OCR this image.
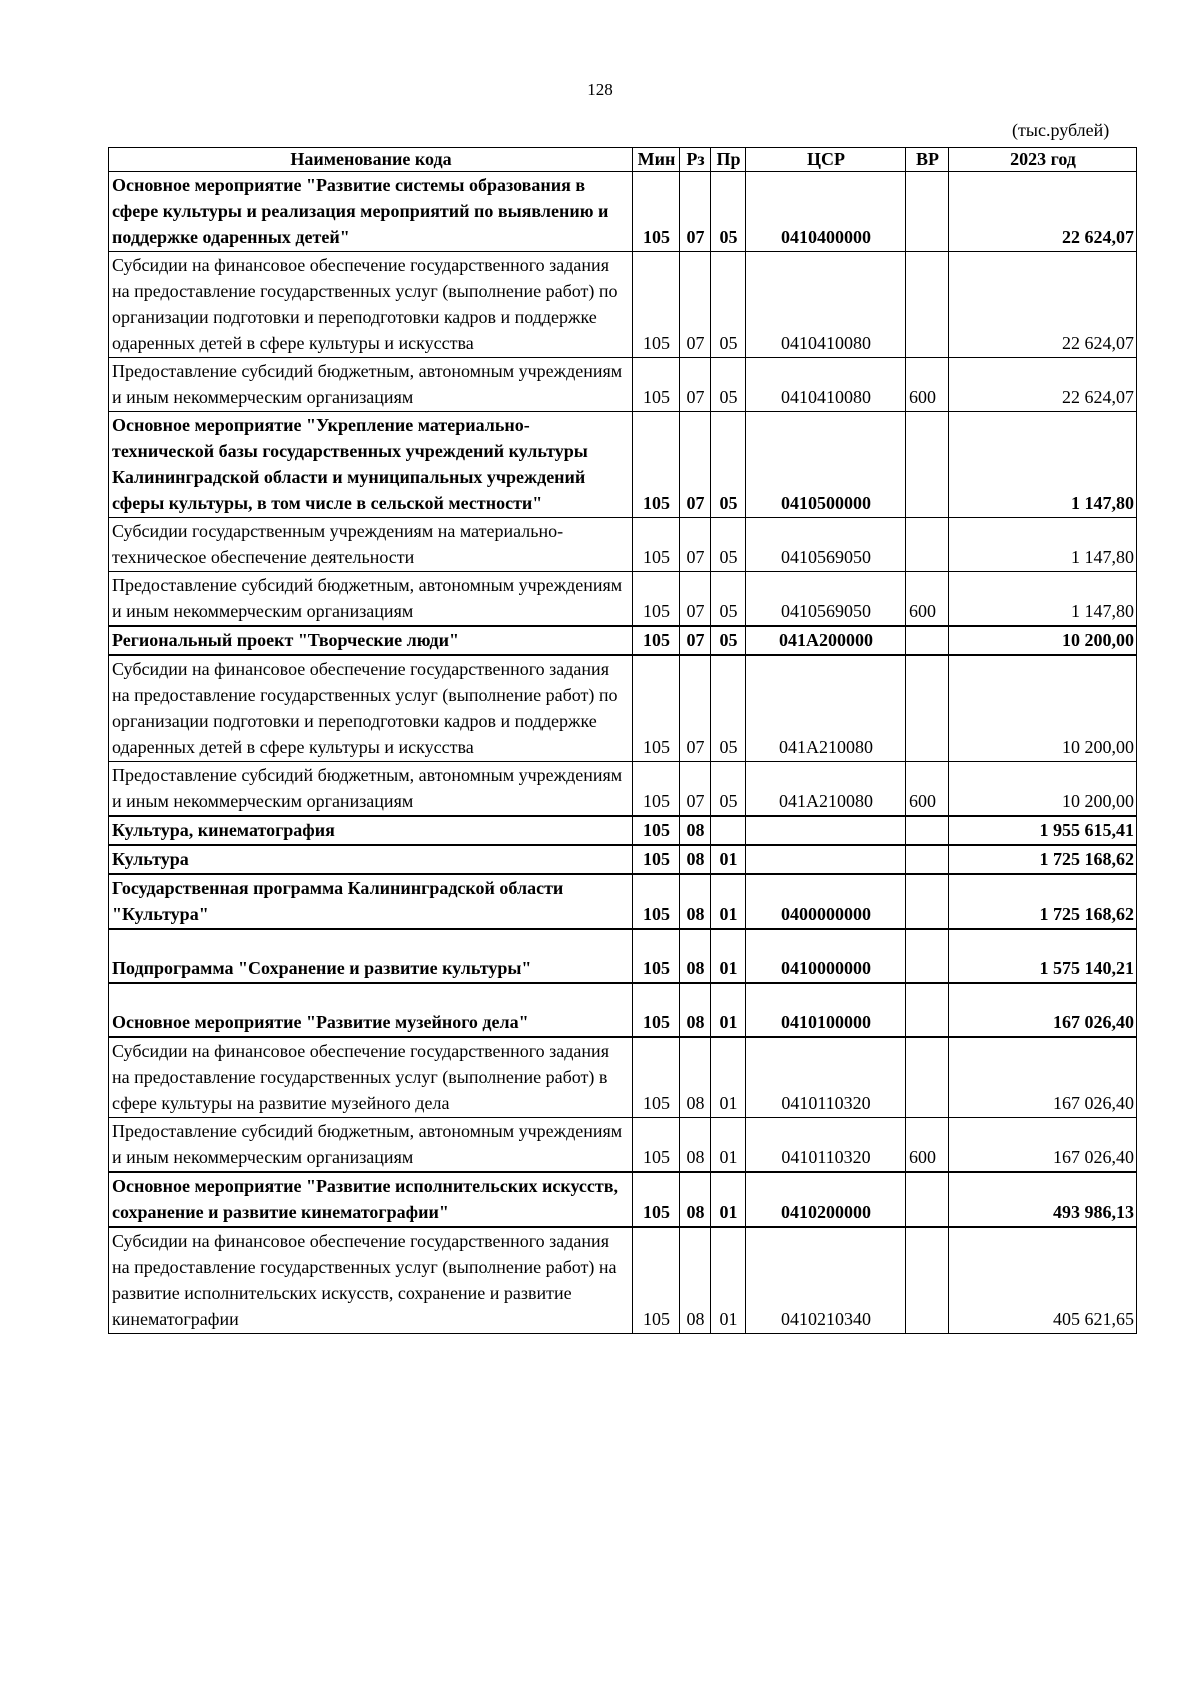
128
(тыс.рублей)
Наименование кода	Мин	Рз	Пр	ЦСР	ВР	2023 год
Основное мероприятие "Развитие системы образования в сфере культуры и реализация мероприятий по выявлению и поддержке одаренных детей"	105	07	05	0410400000		22 624,07
Субсидии на финансовое обеспечение государственного задания на предоставление государственных услуг (выполнение работ) по организации подготовки и переподготовки кадров и поддержке одаренных детей в сфере культуры и искусства	105	07	05	0410410080		22 624,07
Предоставление субсидий бюджетным, автономным учреждениям и иным некоммерческим организациям	105	07	05	0410410080	600	22 624,07
Основное мероприятие "Укрепление материально-технической базы государственных учреждений культуры Калининградской области и муниципальных учреждений сферы культуры, в том числе в сельской местности"	105	07	05	0410500000		1 147,80
Субсидии государственным учреждениям на материально-техническое обеспечение деятельности	105	07	05	0410569050		1 147,80
Предоставление субсидий бюджетным, автономным учреждениям и иным некоммерческим организациям	105	07	05	0410569050	600	1 147,80
Региональный проект "Творческие люди"	105	07	05	041A200000		10 200,00
Субсидии на финансовое обеспечение государственного задания на предоставление государственных услуг (выполнение работ) по организации подготовки и переподготовки кадров и поддержке одаренных детей в сфере культуры и искусства	105	07	05	041A210080		10 200,00
Предоставление субсидий бюджетным, автономным учреждениям и иным некоммерческим организациям	105	07	05	041A210080	600	10 200,00
Культура, кинематография	105	08				1 955 615,41
Культура	105	08	01			1 725 168,62
Государственная программа Калининградской области "Культура"	105	08	01	0400000000		1 725 168,62
Подпрограмма "Сохранение и развитие культуры"	105	08	01	0410000000		1 575 140,21
Основное мероприятие "Развитие музейного дела"	105	08	01	0410100000		167 026,40
Субсидии на финансовое обеспечение государственного задания на предоставление государственных услуг (выполнение работ) в сфере культуры на развитие музейного дела	105	08	01	0410110320		167 026,40
Предоставление субсидий бюджетным, автономным учреждениям и иным некоммерческим организациям	105	08	01	0410110320	600	167 026,40
Основное мероприятие "Развитие исполнительских искусств, сохранение и развитие кинематографии"	105	08	01	0410200000		493 986,13
Субсидии на финансовое обеспечение государственного задания на предоставление государственных услуг (выполнение работ) на развитие исполнительских искусств, сохранение и развитие кинематографии	105	08	01	0410210340		405 621,65
